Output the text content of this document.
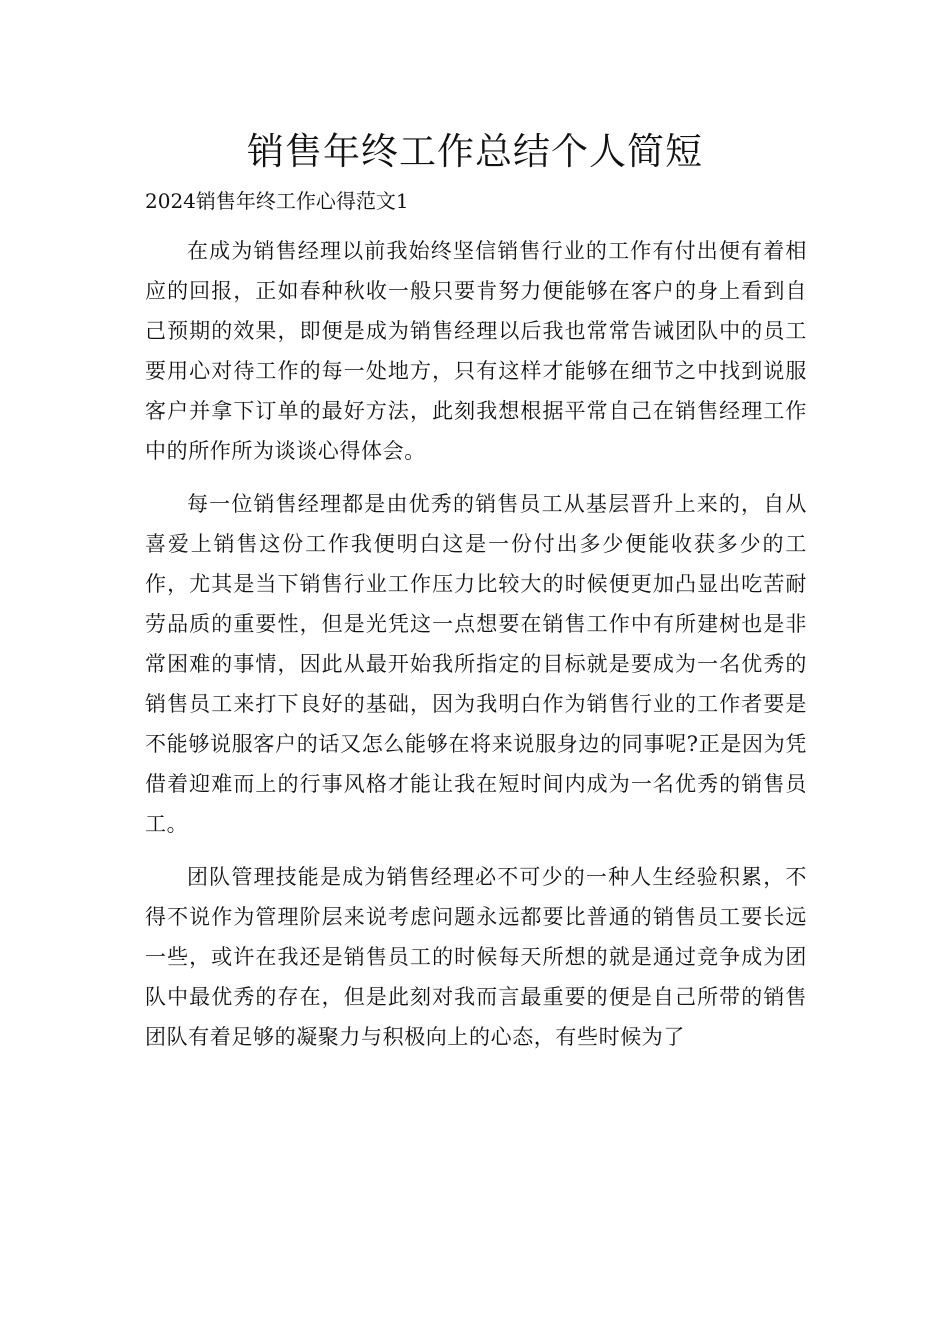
销售年终工作总结个人简短

2024销售年终工作心得范文1

在成为销售经理以前我始终坚信销售行业的工作有付出便有着相应的回报，正如春种秋收一般只要肯努力便能够在客户的身上看到自己预期的效果，即便是成为销售经理以后我也常常告诫团队中的员工要用心对待工作的每一处地方，只有这样才能够在细节之中找到说服客户并拿下订单的最好方法，此刻我想根据平常自己在销售经理工作中的所作所为谈谈心得体会。

每一位销售经理都是由优秀的销售员工从基层晋升上来的，自从喜爱上销售这份工作我便明白这是一份付出多少便能收获多少的工作，尤其是当下销售行业工作压力比较大的时候便更加凸显出吃苦耐劳品质的重要性，但是光凭这一点想要在销售工作中有所建树也是非常困难的事情，因此从最开始我所指定的目标就是要成为一名优秀的销售员工来打下良好的基础，因为我明白作为销售行业的工作者要是不能够说服客户的话又怎么能够在将来说服身边的同事呢?正是因为凭借着迎难而上的行事风格才能让我在短时间内成为一名优秀的销售员工。

团队管理技能是成为销售经理必不可少的一种人生经验积累，不得不说作为管理阶层来说考虑问题永远都要比普通的销售员工要长远一些，或许在我还是销售员工的时候每天所想的就是通过竞争成为团队中最优秀的存在，但是此刻对我而言最重要的便是自己所带的销售团队有着足够的凝聚力与积极向上的心态，有些时候为了
